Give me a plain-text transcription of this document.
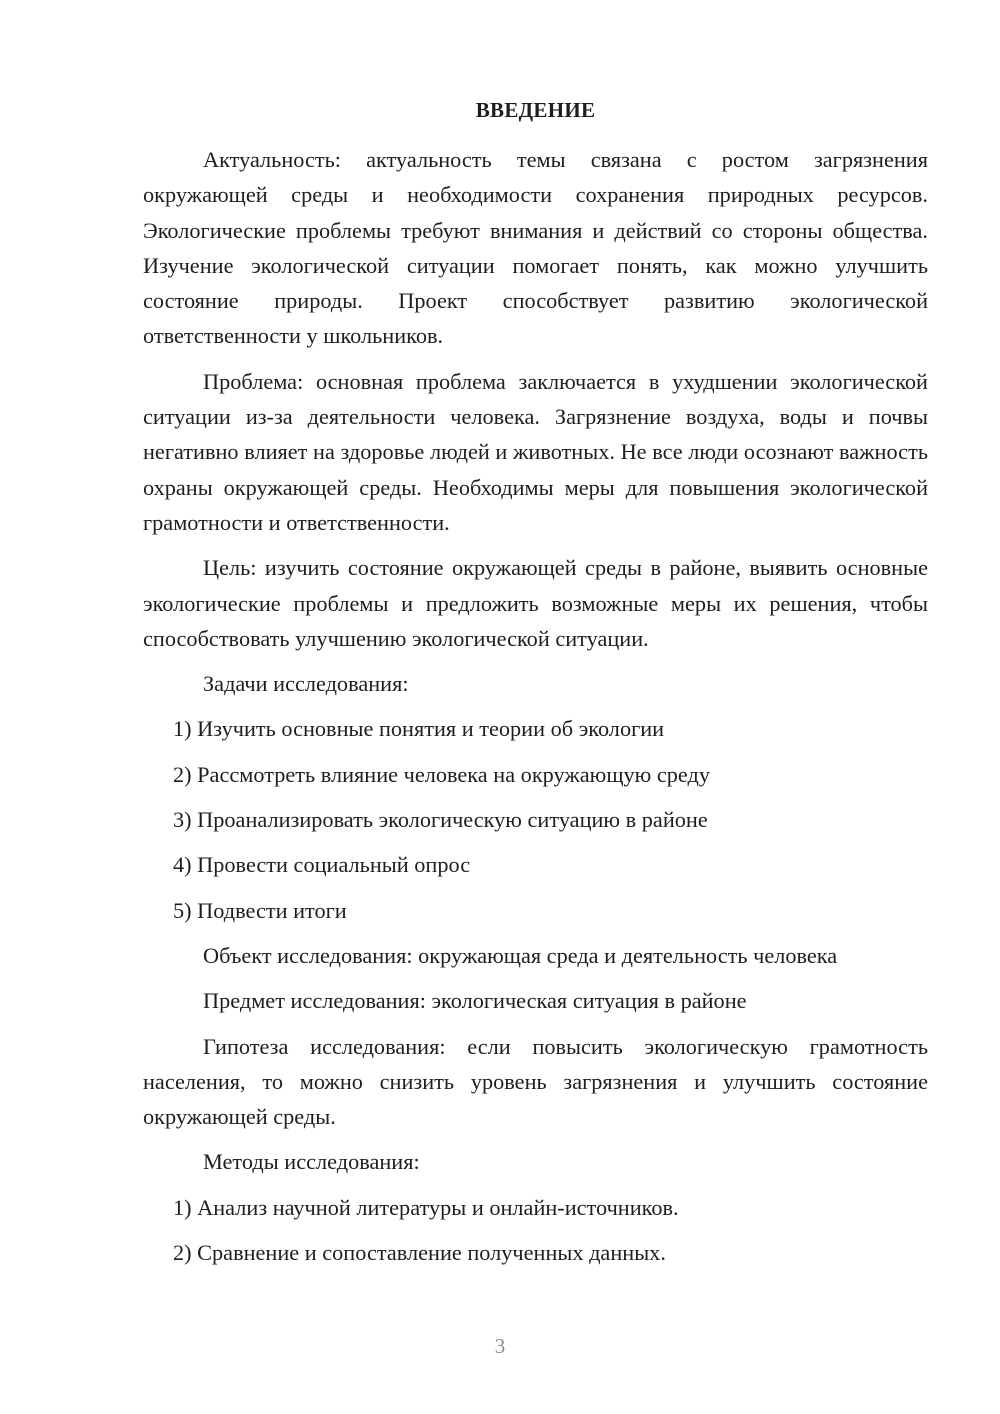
ВВЕДЕНИЕ

Актуальность: актуальность темы связана с ростом загрязнения окружающей среды и необходимости сохранения природных ресурсов. Экологические проблемы требуют внимания и действий со стороны общества. Изучение экологической ситуации помогает понять, как можно улучшить состояние природы. Проект способствует развитию экологической ответственности у школьников.

Проблема: основная проблема заключается в ухудшении экологической ситуации из-за деятельности человека. Загрязнение воздуха, воды и почвы негативно влияет на здоровье людей и животных. Не все люди осознают важность охраны окружающей среды. Необходимы меры для повышения экологической грамотности и ответственности.

Цель: изучить состояние окружающей среды в районе, выявить основные экологические проблемы и предложить возможные меры их решения, чтобы способствовать улучшению экологической ситуации.

Задачи исследования:

1) Изучить основные понятия и теории об экологии

2) Рассмотреть влияние человека на окружающую среду

3) Проанализировать экологическую ситуацию в районе

4) Провести социальный опрос

5) Подвести итоги

Объект исследования: окружающая среда и деятельность человека

Предмет исследования: экологическая ситуация в районе

Гипотеза исследования: если повысить экологическую грамотность населения, то можно снизить уровень загрязнения и улучшить состояние окружающей среды.

Методы исследования:

1) Анализ научной литературы и онлайн-источников.

2) Сравнение и сопоставление полученных данных.

3
